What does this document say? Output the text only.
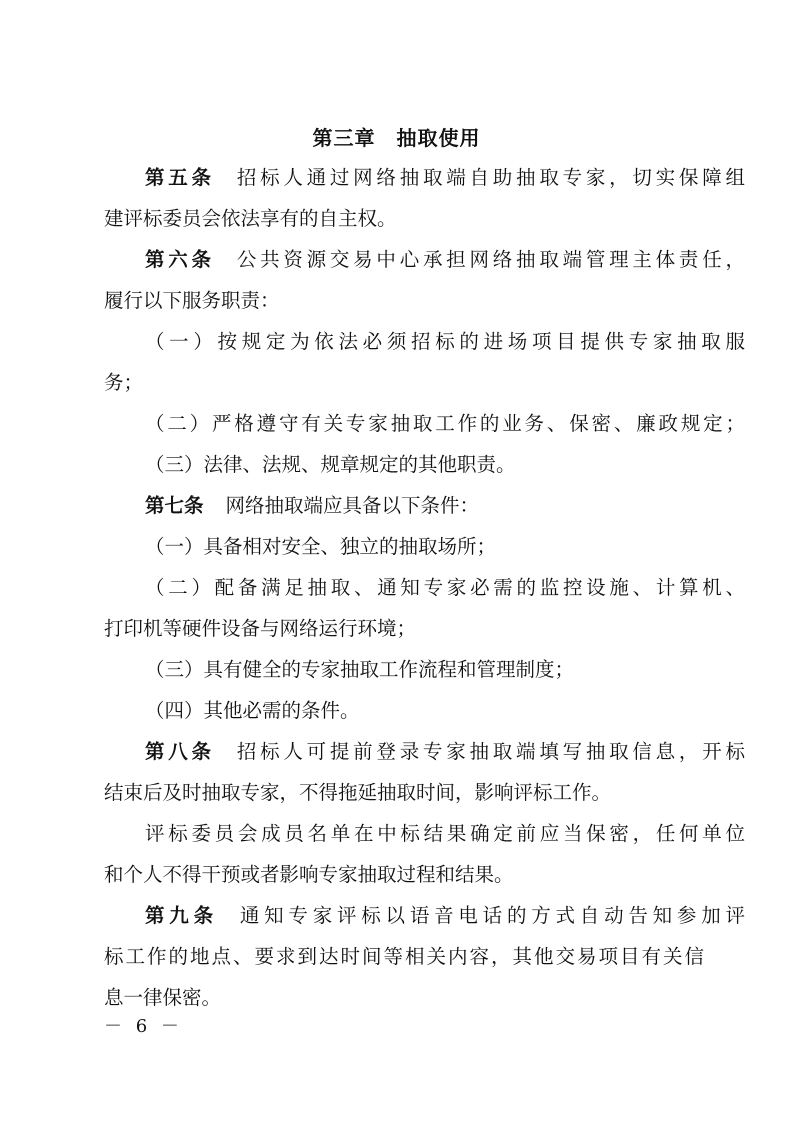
第三章　抽取使用
第五条 招标人通过网络抽取端自助抽取专家，切实保障组
建评标委员会依法享有的自主权。
第六条 公共资源交易中心承担网络抽取端管理主体责任，
履行以下服务职责：
（一）按规定为依法必须招标的进场项目提供专家抽取服
务；
（二）严格遵守有关专家抽取工作的业务、保密、廉政规定；
（三）法律、法规、规章规定的其他职责。
第七条 网络抽取端应具备以下条件：
（一）具备相对安全、独立的抽取场所；
（二）配备满足抽取、通知专家必需的监控设施、计算机、
打印机等硬件设备与网络运行环境；
（三）具有健全的专家抽取工作流程和管理制度；
（四）其他必需的条件。
第八条 招标人可提前登录专家抽取端填写抽取信息，开标
结束后及时抽取专家，不得拖延抽取时间，影响评标工作。
评标委员会成员名单在中标结果确定前应当保密，任何单位
和个人不得干预或者影响专家抽取过程和结果。
第九条 通知专家评标以语音电话的方式自动告知参加评
标工作的地点、要求到达时间等相关内容，其他交易项目有关信
息一律保密。
－ 6 －
